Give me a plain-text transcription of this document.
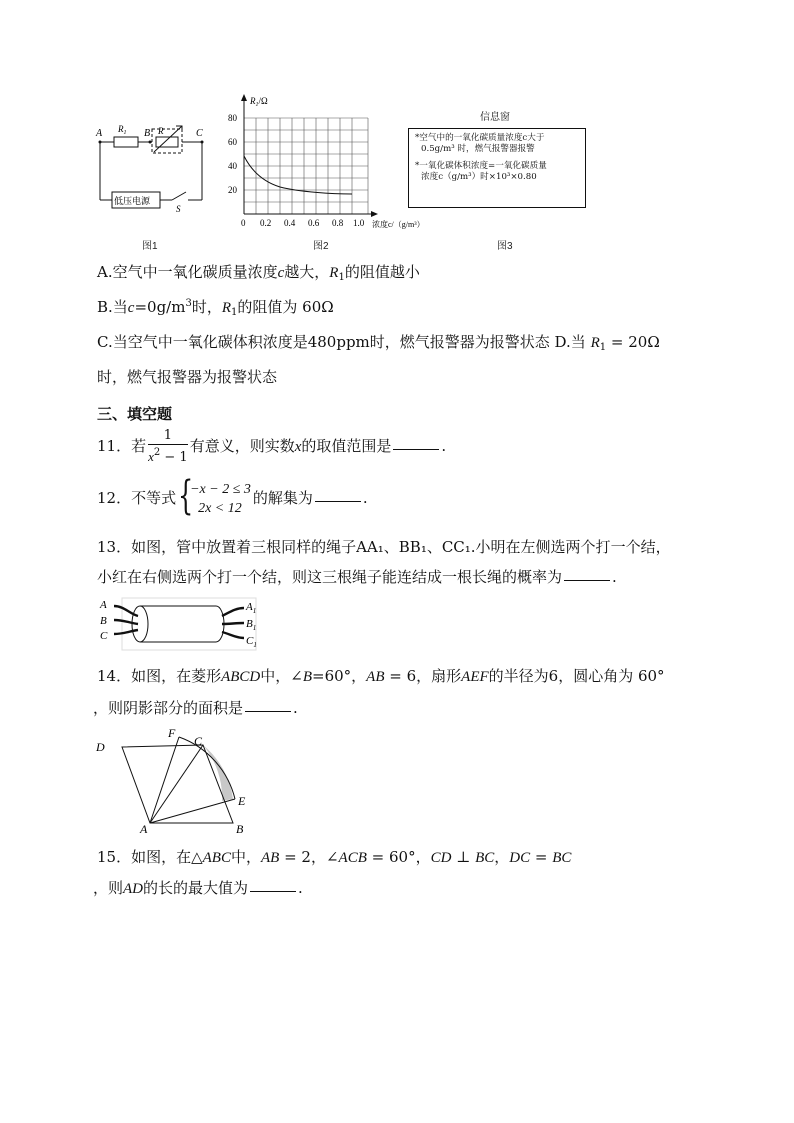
A	B	C
$R_1$	R
低压电源
S
图1
$R_1/\Omega$
80
60
40
20
0 0.2 0.4 0.6 0.8 1.0 浓度c/（g/m³）
图2
信息窗
*空气中的一氧化碳质量浓度c大于
0.5g/m³ 时，燃气报警器报警
*一氧化碳体积浓度=一氧化碳质量
浓度c（g/m³）时×10³×0.80
图3
A.空气中一氧化碳质量浓度c越大，$R_1$的阻值越小
B.当$c=0g/m^3$时，$R_1$的阻值为 60Ω
C.当空气中一氧化碳体积浓度是480ppm时，燃气报警器为报警状态 D.当 $R_1 = 20\Omega$
时，燃气报警器为报警状态
三、填空题
11．若 $\frac{1}{x^2 - 1}$ 有意义，则实数x的取值范围是	.
12．不等式 {
−x − 2 ≤ 3
2x < 12
的解集为	.
13．如图，管中放置着三根同样的绳子AA₁、BB₁、CC₁.小明在左侧选两个打一个结，
小红在右侧选两个打一个结，则这三根绳子能连结成一根长绳的概率为	.
A
B
C
$A_1$
$B_1$
$C_1$
14．如图，在菱形ABCD中，∠B=60°，AB = 6，扇形AEF的半径为6，圆心角为 60°
，则阴影部分的面积是	.
D
F
C
E
A	B
15．如图，在△ABC中，AB = 2，∠ACB = 60°，CD ⊥ BC，DC = BC
，则AD的长的最大值为	.
